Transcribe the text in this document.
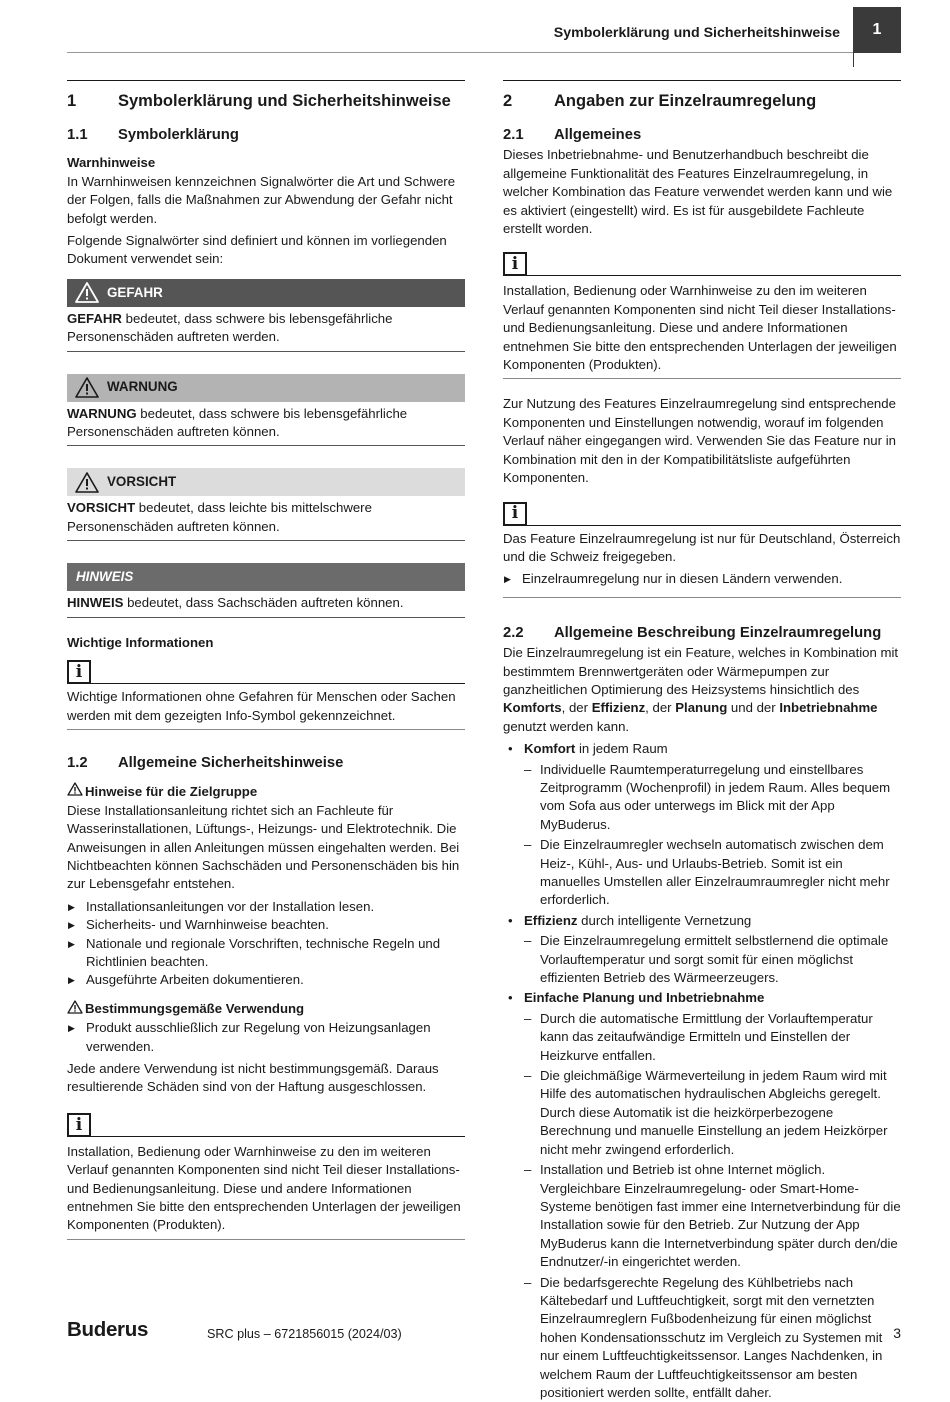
Symbolerklärung und Sicherheitshinweise	1
1	Symbolerklärung und Sicherheitshinweise
1.1	Symbolerklärung
Warnhinweise

In Warnhinweisen kennzeichnen Signalwörter die Art und Schwere der Folgen, falls die Maßnahmen zur Abwendung der Gefahr nicht befolgt werden.

Folgende Signalwörter sind definiert und können im vorliegenden Dokument verwendet sein:

GEFAHR
GEFAHR bedeutet, dass schwere bis lebensgefährliche Personenschäden auftreten werden.
WARNUNG
WARNUNG bedeutet, dass schwere bis lebensgefährliche Personenschäden auftreten können.
VORSICHT
VORSICHT bedeutet, dass leichte bis mittelschwere Personenschäden auftreten können.
HINWEIS
HINWEIS bedeutet, dass Sachschäden auftreten können.
Wichtige Informationen
i
Wichtige Informationen ohne Gefahren für Menschen oder Sachen werden mit dem gezeigten Info-Symbol gekennzeichnet.
1.2	Allgemeine Sicherheitshinweise
Hinweise für die Zielgruppe

Diese Installationsanleitung richtet sich an Fachleute für Wasserinstallationen, Lüftungs-, Heizungs- und Elektrotechnik. Die Anweisungen in allen Anleitungen müssen eingehalten werden. Bei Nichtbeachten können Sachschäden und Personenschäden bis hin zur Lebensgefahr entstehen.

▶ Installationsanleitungen vor der Installation lesen.
▶ Sicherheits- und Warnhinweise beachten.
▶ Nationale und regionale Vorschriften, technische Regeln und Richtlinien beachten.
▶ Ausgeführte Arbeiten dokumentieren.
Bestimmungsgemäße Verwendung
▶ Produkt ausschließlich zur Regelung von Heizungsanlagen verwenden.

Jede andere Verwendung ist nicht bestimmungsgemäß. Daraus resultierende Schäden sind von der Haftung ausgeschlossen.

i
Installation, Bedienung oder Warnhinweise zu den im weiteren Verlauf genannten Komponenten sind nicht Teil dieser Installations- und Bedienungsanleitung. Diese und andere Informationen entnehmen Sie bitte den entsprechenden Unterlagen der jeweiligen Komponenten (Produkten).
2	Angaben zur Einzelraumregelung
2.1	Allgemeines

Dieses Inbetriebnahme- und Benutzerhandbuch beschreibt die allgemeine Funktionalität des Features Einzelraumregelung, in welcher Kombination das Feature verwendet werden kann und wie es aktiviert (eingestellt) wird. Es ist für ausgebildete Fachleute erstellt worden.

i
Installation, Bedienung oder Warnhinweise zu den im weiteren Verlauf genannten Komponenten sind nicht Teil dieser Installations- und Bedienungsanleitung. Diese und andere Informationen entnehmen Sie bitte den entsprechenden Unterlagen der jeweiligen Komponenten (Produkten).

Zur Nutzung des Features Einzelraumregelung sind entsprechende Komponenten und Einstellungen notwendig, worauf im folgenden Verlauf näher eingegangen wird. Verwenden Sie das Feature nur in Kombination mit den in der Kompatibilitätsliste aufgeführten Komponenten.

i
Das Feature Einzelraumregelung ist nur für Deutschland, Österreich und die Schweiz freigegeben.
▶ Einzelraumregelung nur in diesen Ländern verwenden.
2.2	Allgemeine Beschreibung Einzelraumregelung

Die Einzelraumregelung ist ein Feature, welches in Kombination mit bestimmtem Brennwertgeräten oder Wärmepumpen zur ganzheitlichen Optimierung des Heizsystems hinsichtlich des Komforts, der Effizienz, der Planung und der Inbetriebnahme genutzt werden kann.

• Komfort in jedem Raum
– Individuelle Raumtemperaturregelung und einstellbares Zeitprogramm (Wochenprofil) in jedem Raum. Alles bequem vom Sofa aus oder unterwegs im Blick mit der App MyBuderus.
– Die Einzelraumregler wechseln automatisch zwischen dem Heiz-, Kühl-, Aus- und Urlaubs-Betrieb. Somit ist ein manuelles Umstellen aller Einzelraumraumregler nicht mehr erforderlich.
• Effizienz durch intelligente Vernetzung
– Die Einzelraumregelung ermittelt selbstlernend die optimale Vorlauftemperatur und sorgt somit für einen möglichst effizienten Betrieb des Wärmeerzeugers.
• Einfache Planung und Inbetriebnahme
– Durch die automatische Ermittlung der Vorlauftemperatur kann das zeitaufwändige Ermitteln und Einstellen der Heizkurve entfallen.
– Die gleichmäßige Wärmeverteilung in jedem Raum wird mit Hilfe des automatischen hydraulischen Abgleichs geregelt. Durch diese Automatik ist die heizkörperbezogene Berechnung und manuelle Einstellung an jedem Heizkörper nicht mehr zwingend erforderlich.
– Installation und Betrieb ist ohne Internet möglich. Vergleichbare Einzelraumregelung- oder Smart-Home-Systeme benötigen fast immer eine Internetverbindung für die Installation sowie für den Betrieb. Zur Nutzung der App MyBuderus kann die Internetverbindung später durch den/die Endnutzer/-in eingerichtet werden.
– Die bedarfsgerechte Regelung des Kühlbetriebs nach Kältebedarf und Luftfeuchtigkeit, sorgt mit den vernetzten Einzelraumreglern Fußbodenheizung für einen möglichst hohen Kondensationsschutz im Vergleich zu Systemen mit nur einem Luftfeuchtigkeitssensor. Langes Nachdenken, in welchem Raum der Luftfeuchtigkeitssensor am besten positioniert werden sollte, entfällt daher.
Buderus	SRC plus – 6721856015 (2024/03)	3
